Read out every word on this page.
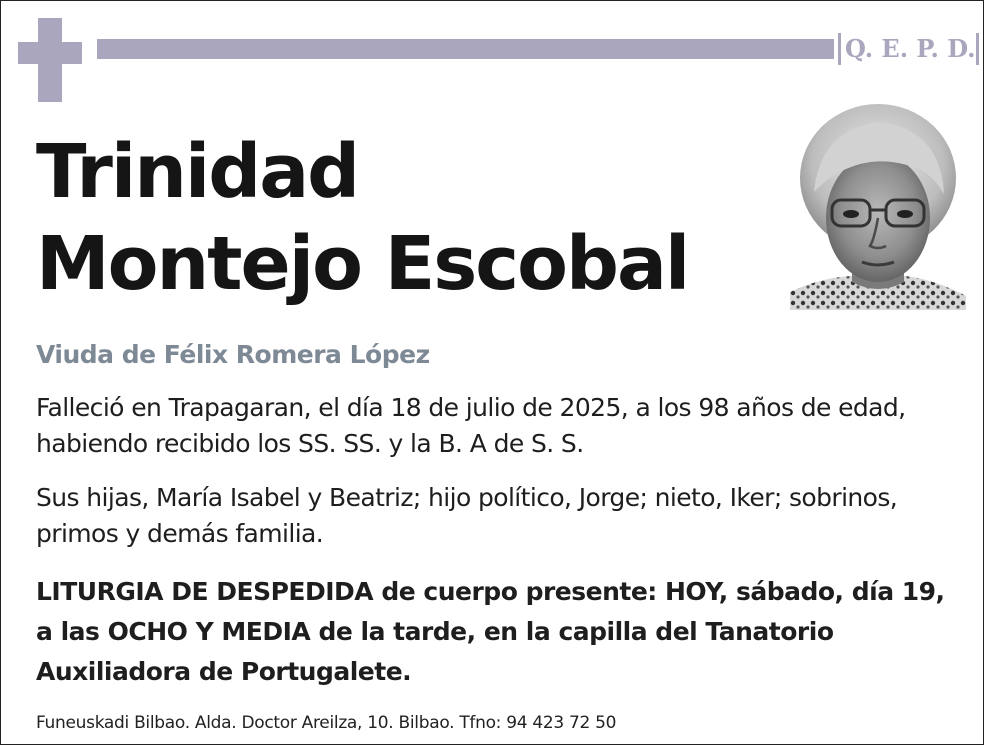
Q. E. P. D.
Trinidad
Montejo Escobal
Viuda de Félix Romera López

Falleció en Trapagaran, el día 18 de julio de 2025, a los 98 años de edad, habiendo recibido los SS. SS. y la B. A de S. S.

Sus hijas, María Isabel y Beatriz; hijo político, Jorge; nieto, Iker; sobrinos, primos y demás familia.

LITURGIA DE DESPEDIDA de cuerpo presente: HOY, sábado, día 19, a las OCHO Y MEDIA de la tarde, en la capilla del Tanatorio Auxiliadora de Portugalete.

Funeuskadi Bilbao. Alda. Doctor Areilza, 10. Bilbao. Tfno: 94 423 72 50
